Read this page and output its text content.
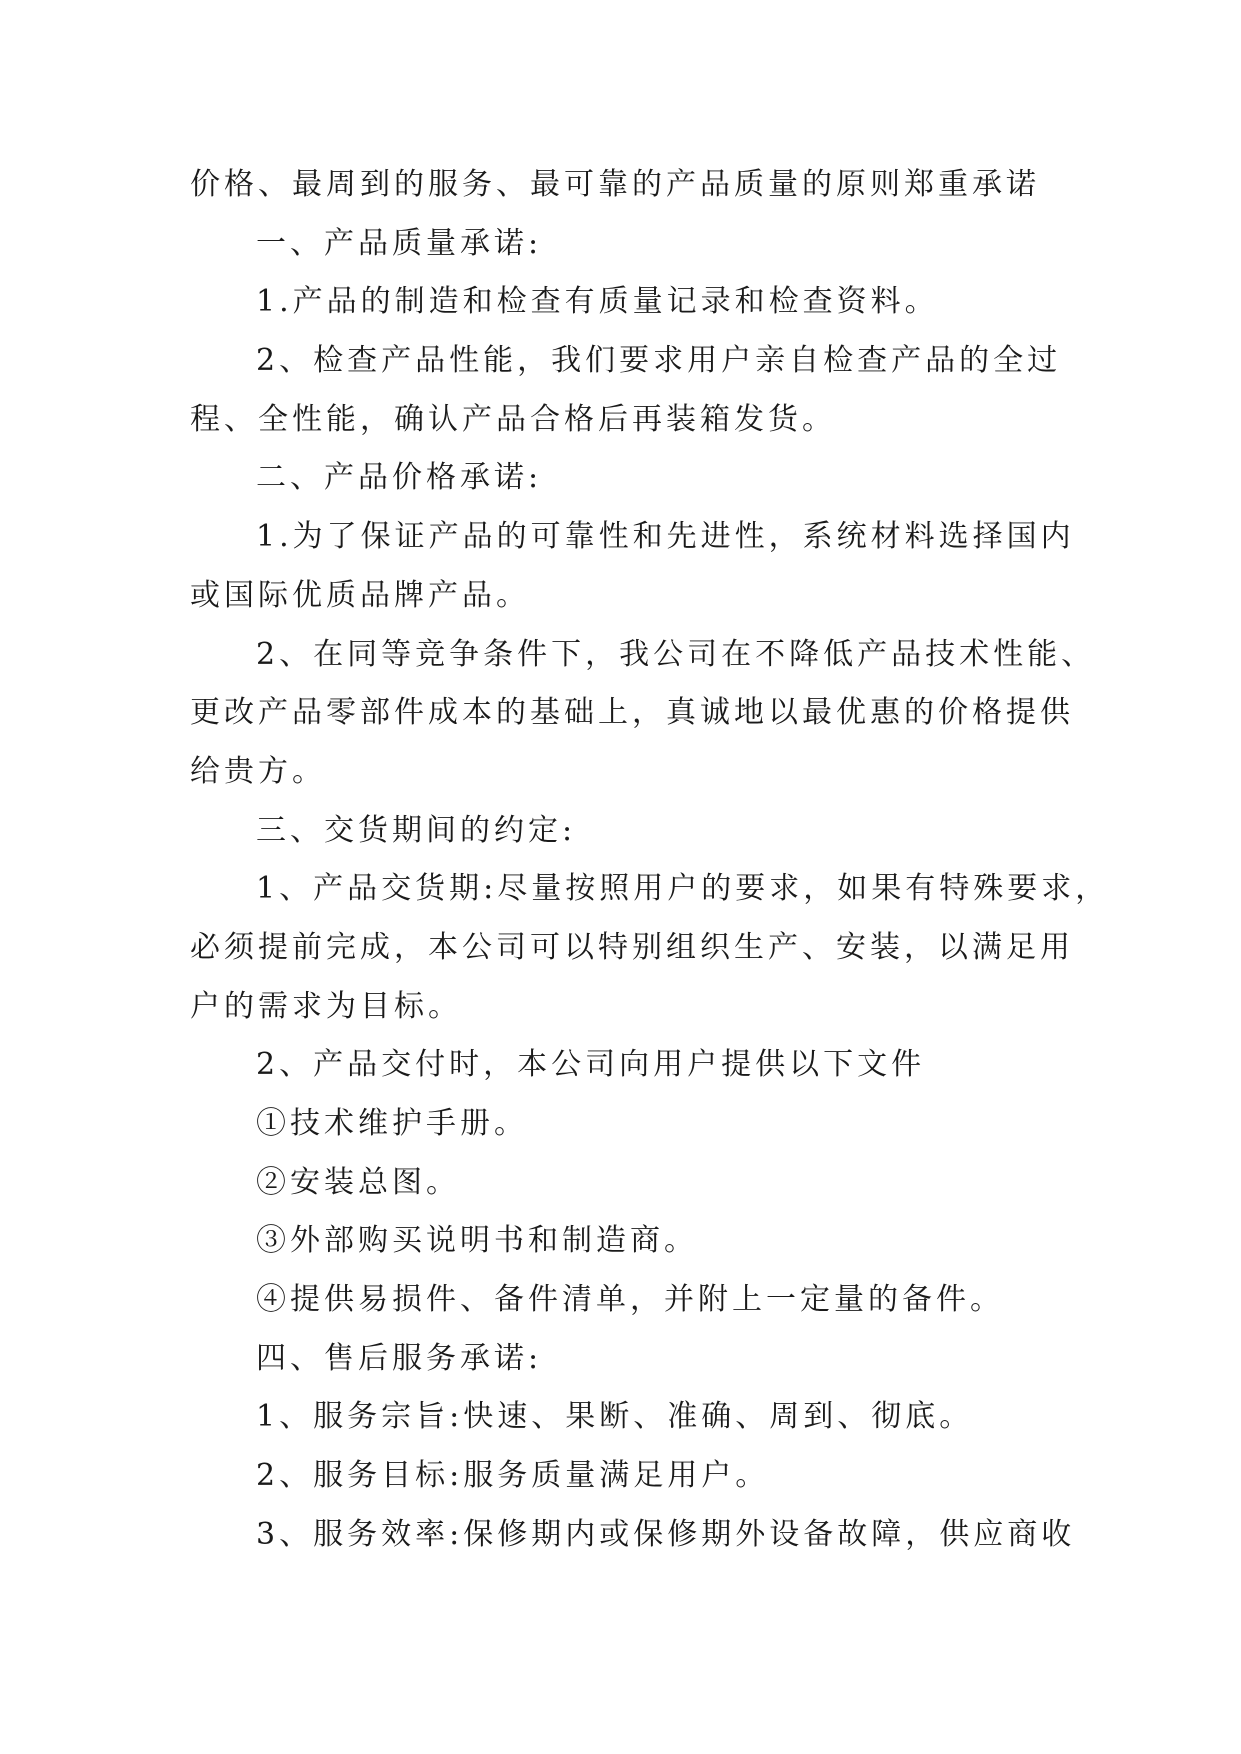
价格、最周到的服务、最可靠的产品质量的原则郑重承诺
一、产品质量承诺:
1.产品的制造和检查有质量记录和检查资料。
2、检查产品性能，我们要求用户亲自检查产品的全过
程、全性能，确认产品合格后再装箱发货。
二、产品价格承诺:
1.为了保证产品的可靠性和先进性，系统材料选择国内
或国际优质品牌产品。
2、在同等竞争条件下，我公司在不降低产品技术性能、
更改产品零部件成本的基础上，真诚地以最优惠的价格提供
给贵方。
三、交货期间的约定:
1、产品交货期:尽量按照用户的要求，如果有特殊要求，
必须提前完成，本公司可以特别组织生产、安装，以满足用
户的需求为目标。
2、产品交付时，本公司向用户提供以下文件
①技术维护手册。
②安装总图。
③外部购买说明书和制造商。
④提供易损件、备件清单，并附上一定量的备件。
四、售后服务承诺:
1、服务宗旨:快速、果断、准确、周到、彻底。
2、服务目标:服务质量满足用户。
3、服务效率:保修期内或保修期外设备故障，供应商收
